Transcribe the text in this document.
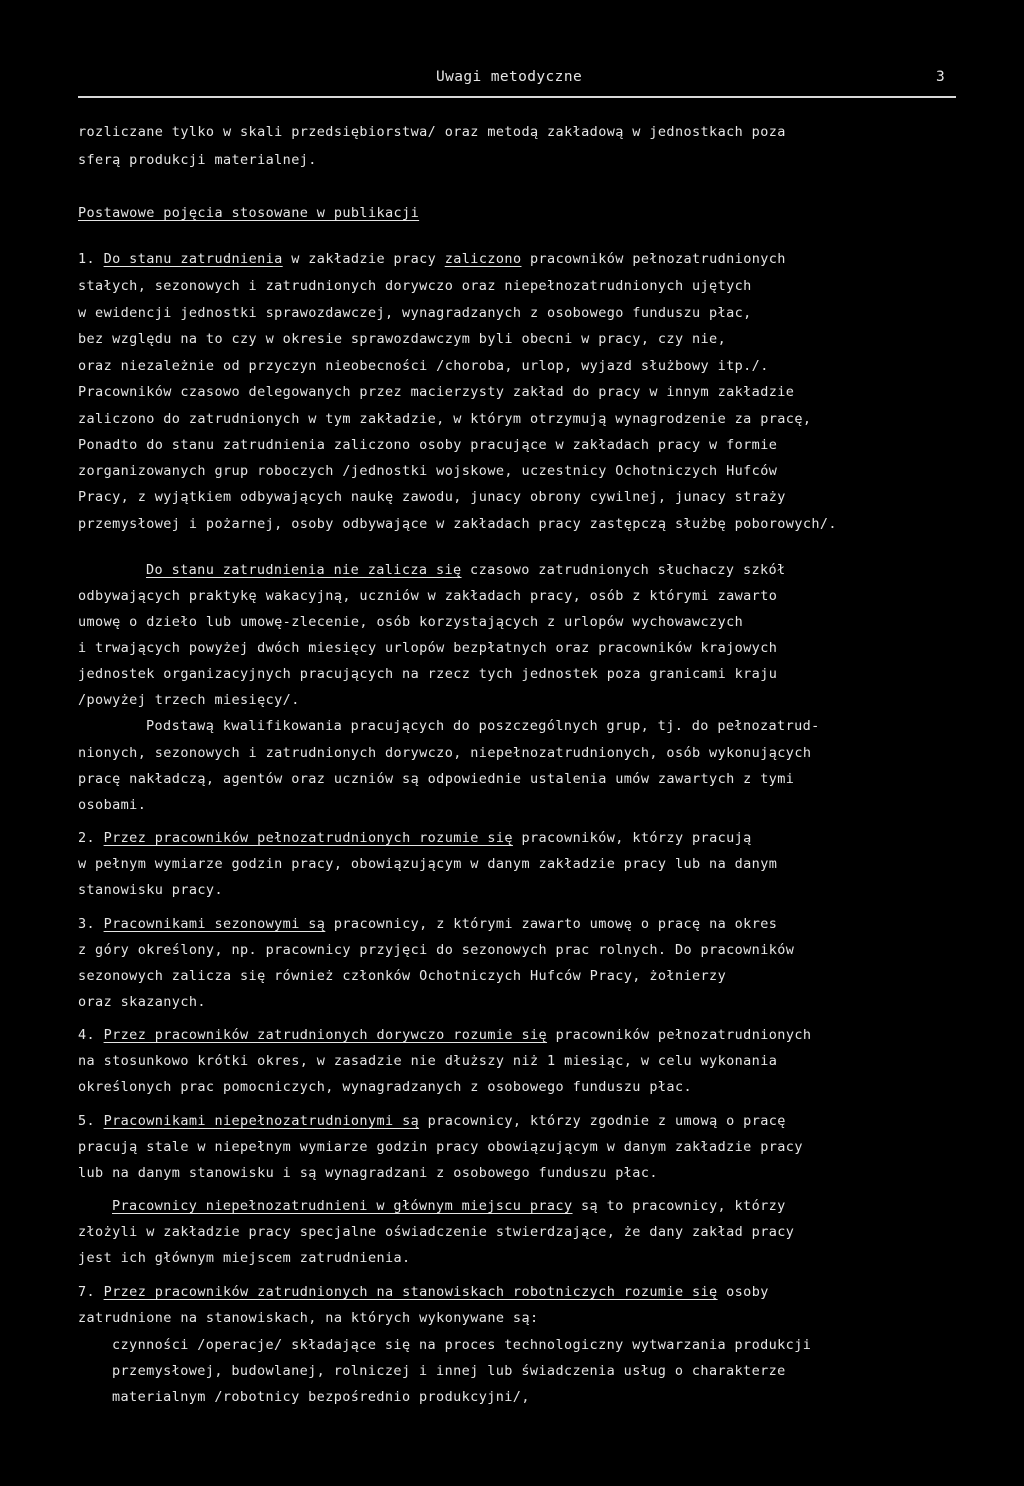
Uwagi metodyczne	3
rozliczane tylko w skali przedsiębiorstwa/ oraz metodą zakładową w jednostkach poza
sferą produkcji materialnej.
Postawowe pojęcia stosowane w publikacji
1. Do stanu zatrudnienia w zakładzie pracy zaliczono pracowników pełnozatrudnionych
stałych, sezonowych i zatrudnionych dorywczo oraz niepełnozatrudnionych ujętych
w ewidencji jednostki sprawozdawczej, wynagradzanych z osobowego funduszu płac,
bez względu na to czy w okresie sprawozdawczym byli obecni w pracy, czy nie,
oraz niezależnie od przyczyn nieobecności /choroba, urlop, wyjazd służbowy itp./.
Pracowników czasowo delegowanych przez macierzysty zakład do pracy w innym zakładzie
zaliczono do zatrudnionych w tym zakładzie, w którym otrzymują wynagrodzenie za pracę,
Ponadto do stanu zatrudnienia zaliczono osoby pracujące w zakładach pracy w formie
zorganizowanych grup roboczych /jednostki wojskowe, uczestnicy Ochotniczych Hufców
Pracy, z wyjątkiem odbywających naukę zawodu, junacy obrony cywilnej, junacy straży
przemysłowej i pożarnej, osoby odbywające w zakładach pracy zastępczą służbę poborowych/.
Do stanu zatrudnienia nie zalicza się czasowo zatrudnionych słuchaczy szkół
odbywających praktykę wakacyjną, uczniów w zakładach pracy, osób z którymi zawarto
umowę o dzieło lub umowę-zlecenie, osób korzystających z urlopów wychowawczych
i trwających powyżej dwóch miesięcy urlopów bezpłatnych oraz pracowników krajowych
jednostek organizacyjnych pracujących na rzecz tych jednostek poza granicami kraju
/powyżej trzech miesięcy/.
Podstawą kwalifikowania pracujących do poszczególnych grup, tj. do pełnozatrud-
nionych, sezonowych i zatrudnionych dorywczo, niepełnozatrudnionych, osób wykonujących
pracę nakładczą, agentów oraz uczniów są odpowiednie ustalenia umów zawartych z tymi
osobami.
2. Przez pracowników pełnozatrudnionych rozumie się pracowników, którzy pracują
w pełnym wymiarze godzin pracy, obowiązującym w danym zakładzie pracy lub na danym
stanowisku pracy.
3. Pracownikami sezonowymi są pracownicy, z którymi zawarto umowę o pracę na okres
z góry określony, np. pracownicy przyjęci do sezonowych prac rolnych. Do pracowników
sezonowych zalicza się również członków Ochotniczych Hufców Pracy, żołnierzy
oraz skazanych.
4. Przez pracowników zatrudnionych dorywczo rozumie się pracowników pełnozatrudnionych
na stosunkowo krótki okres, w zasadzie nie dłuższy niż 1 miesiąc, w celu wykonania
określonych prac pomocniczych, wynagradzanych z osobowego funduszu płac.
5. Pracownikami niepełnozatrudnionymi są pracownicy, którzy zgodnie z umową o pracę
pracują stale w niepełnym wymiarze godzin pracy obowiązującym w danym zakładzie pracy
lub na danym stanowisku i są wynagradzani z osobowego funduszu płac.
Pracownicy niepełnozatrudnieni w głównym miejscu pracy są to pracownicy, którzy
złożyli w zakładzie pracy specjalne oświadczenie stwierdzające, że dany zakład pracy
jest ich głównym miejscem zatrudnienia.
7. Przez pracowników zatrudnionych na stanowiskach robotniczych rozumie się osoby
zatrudnione na stanowiskach, na których wykonywane są:
czynności /operacje/ składające się na proces technologiczny wytwarzania produkcji
przemysłowej, budowlanej, rolniczej i innej lub świadczenia usług o charakterze
materialnym /robotnicy bezpośrednio produkcyjni/,
